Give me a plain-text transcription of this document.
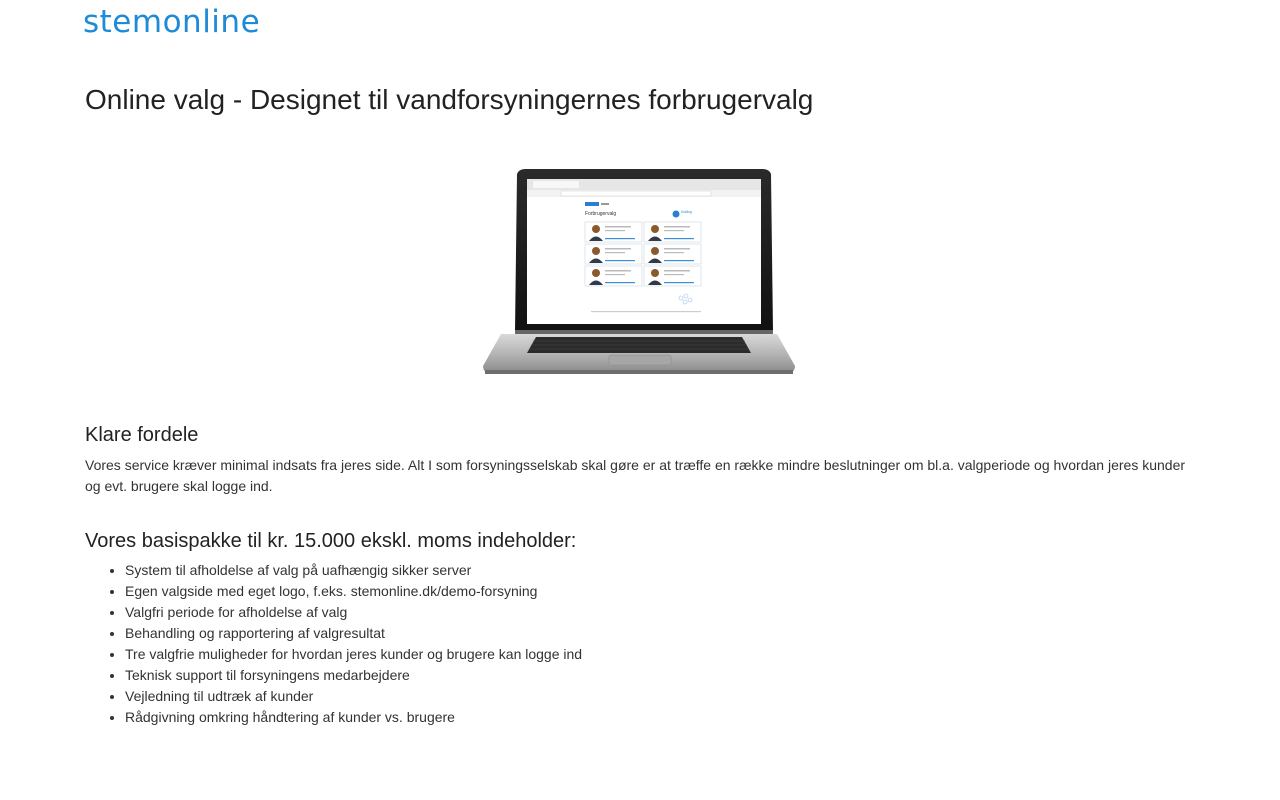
stemonline
Online valg - Designet til vandforsyningernes forbrugervalg
Forbrugervalg	Kolding
Klare fordele

Vores service kræver minimal indsats fra jeres side. Alt I som forsyningsselskab skal gøre er at træffe en række mindre beslutninger om bl.a. valgperiode og hvordan jeres kunder og evt. brugere skal logge ind.

Vores basispakke til kr. 15.000 ekskl. moms indeholder:
• System til afholdelse af valg på uafhængig sikker server
• Egen valgside med eget logo, f.eks. stemonline.dk/demo-forsyning
• Valgfri periode for afholdelse af valg
• Behandling og rapportering af valgresultat
• Tre valgfrie muligheder for hvordan jeres kunder og brugere kan logge ind
• Teknisk support til forsyningens medarbejdere
• Vejledning til udtræk af kunder
• Rådgivning omkring håndtering af kunder vs. brugere
